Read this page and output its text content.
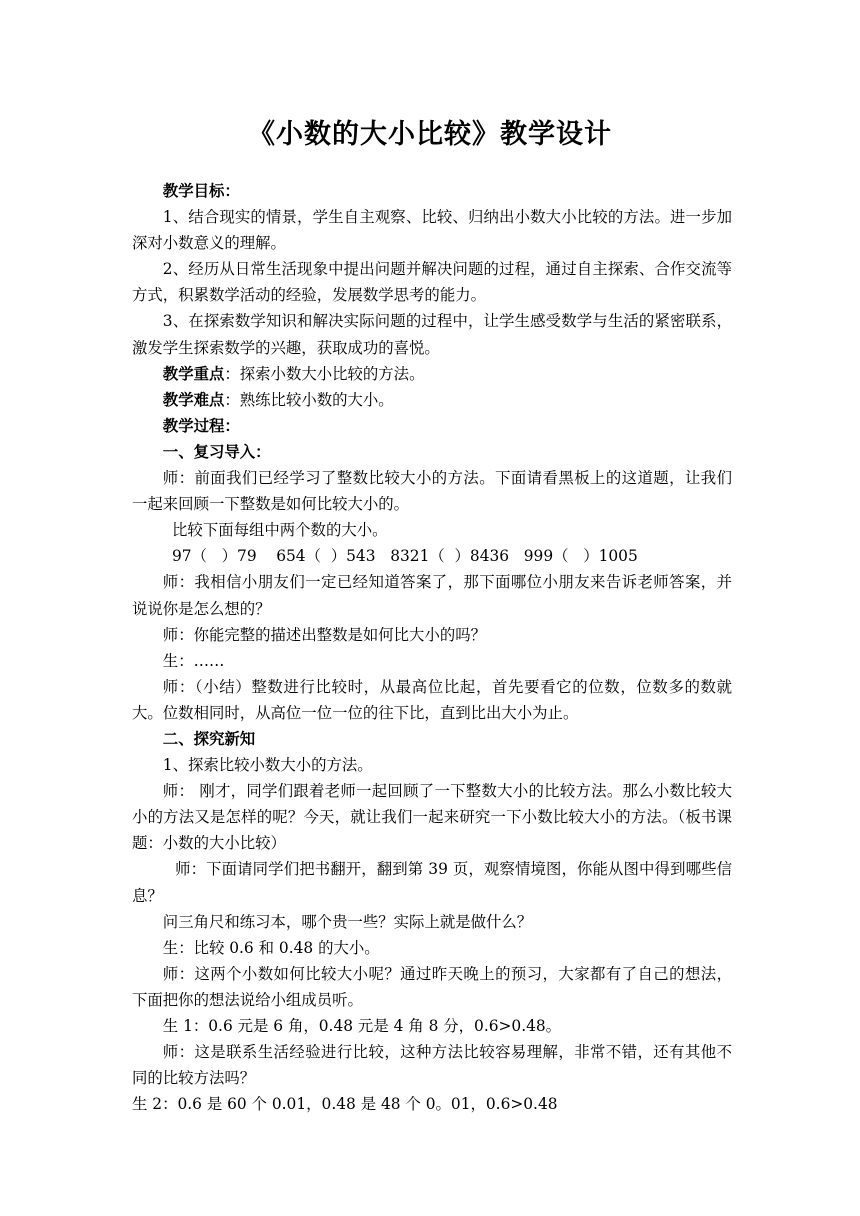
《小数的大小比较》教学设计

教学目标：

1、结合现实的情景，学生自主观察、比较、归纳出小数大小比较的方法。进一步加深对小数意义的理解。

2、经历从日常生活现象中提出问题并解决问题的过程，通过自主探索、合作交流等方式，积累数学活动的经验，发展数学思考的能力。

3、在探索数学知识和解决实际问题的过程中，让学生感受数学与生活的紧密联系，激发学生探索数学的兴趣，获取成功的喜悦。

教学重点：探索小数大小比较的方法。

教学难点：熟练比较小数的大小。

教学过程：

一、复习导入：

师：前面我们已经学习了整数比较大小的方法。下面请看黑板上的这道题，让我们一起来回顾一下整数是如何比较大小的。

比较下面每组中两个数的大小。

97（   ）79    654（  ）543   8321（  ）8436   999（   ）1005

师：我相信小朋友们一定已经知道答案了，那下面哪位小朋友来告诉老师答案，并说说你是怎么想的？

师：你能完整的描述出整数是如何比大小的吗？

生：……

师：（小结）整数进行比较时，从最高位比起，首先要看它的位数，位数多的数就大。位数相同时，从高位一位一位的往下比，直到比出大小为止。

二、探究新知

1、探索比较小数大小的方法。

师： 刚才，同学们跟着老师一起回顾了一下整数大小的比较方法。那么小数比较大小的方法又是怎样的呢？今天，就让我们一起来研究一下小数比较大小的方法。（板书课题：小数的大小比较）

师：下面请同学们把书翻开，翻到第 39 页，观察情境图，你能从图中得到哪些信息？

问三角尺和练习本，哪个贵一些？实际上就是做什么？

生：比较 0.6 和 0.48 的大小。

师：这两个小数如何比较大小呢？通过昨天晚上的预习，大家都有了自己的想法，下面把你的想法说给小组成员听。

生 1：0.6 元是 6 角，0.48 元是 4 角 8 分，0.6>0.48。

师：这是联系生活经验进行比较，这种方法比较容易理解，非常不错，还有其他不同的比较方法吗？

生 2：0.6 是 60 个 0.01，0.48 是 48 个 0。01，0.6>0.48
